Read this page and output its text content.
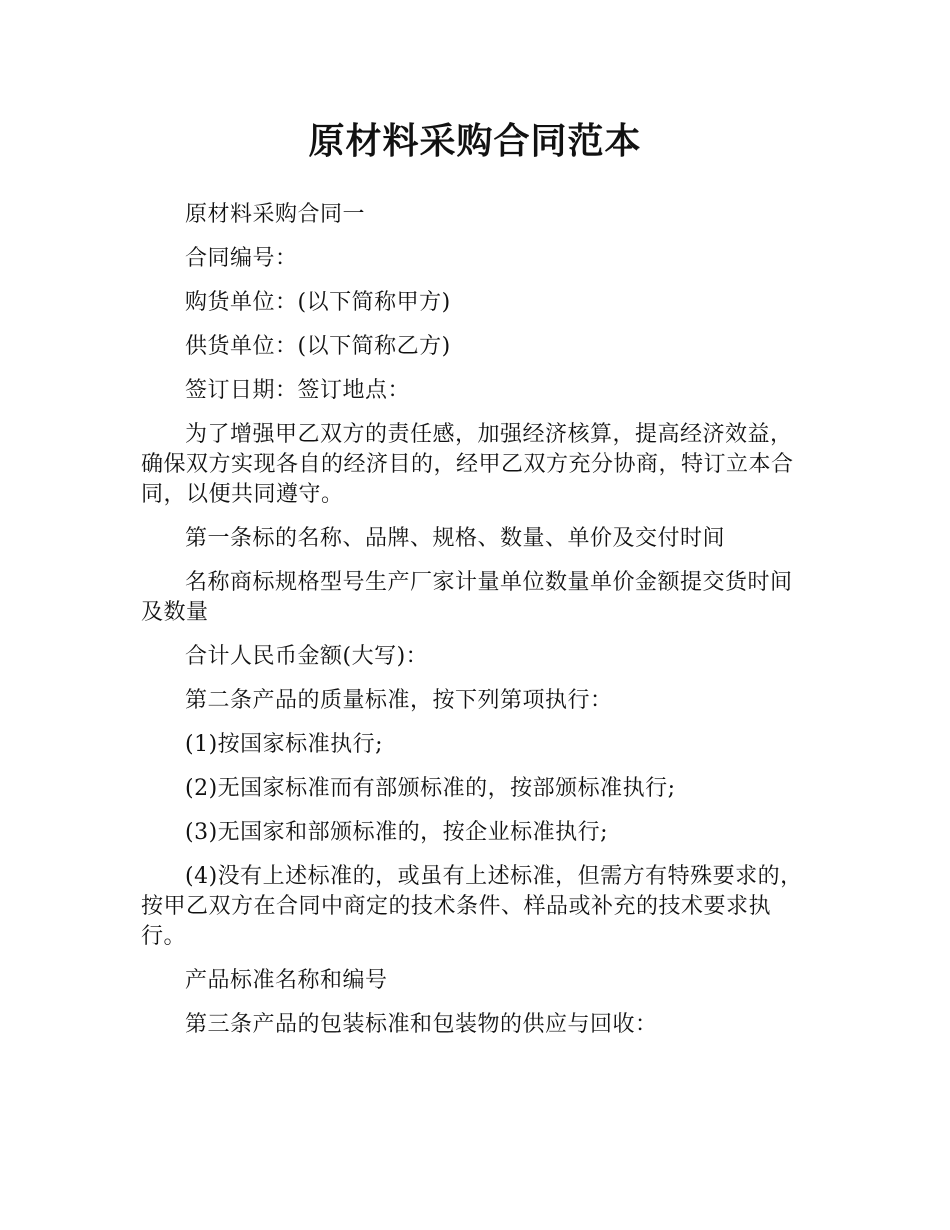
原材料采购合同范本

原材料采购合同一

合同编号：

购货单位：(以下简称甲方)

供货单位：(以下简称乙方)

签订日期：签订地点：

为了增强甲乙双方的责任感，加强经济核算，提高经济效益，确保双方实现各自的经济目的，经甲乙双方充分协商，特订立本合同，以便共同遵守。

第一条标的名称、品牌、规格、数量、单价及交付时间

名称商标规格型号生产厂家计量单位数量单价金额提交货时间及数量

合计人民币金额(大写)：

第二条产品的质量标准，按下列第项执行：

(1)按国家标准执行;

(2)无国家标准而有部颁标准的，按部颁标准执行;

(3)无国家和部颁标准的，按企业标准执行;

(4)没有上述标准的，或虽有上述标准，但需方有特殊要求的，按甲乙双方在合同中商定的技术条件、样品或补充的技术要求执行。

产品标准名称和编号

第三条产品的包装标准和包装物的供应与回收：
